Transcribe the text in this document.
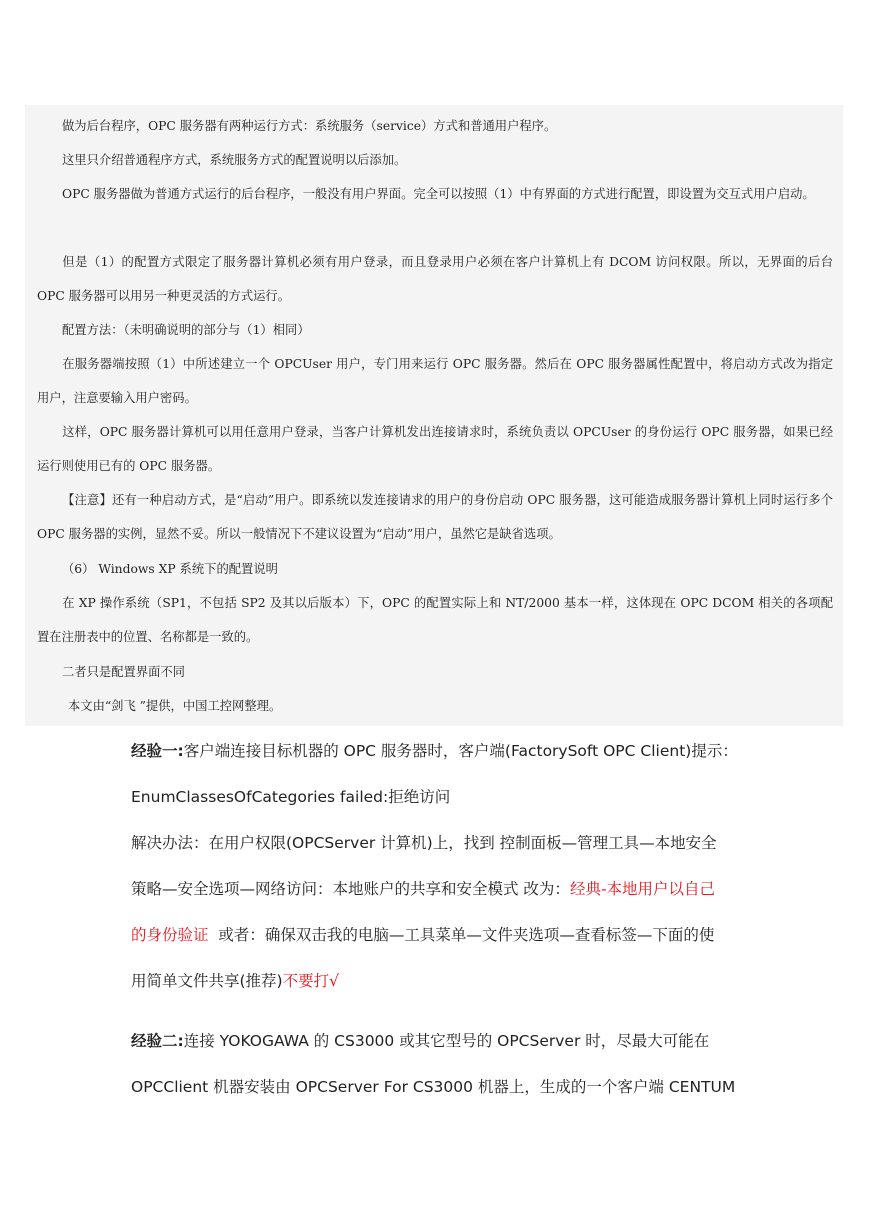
做为后台程序，OPC 服务器有两种运行方式：系统服务（service）方式和普通用户程序。
这里只介绍普通程序方式，系统服务方式的配置说明以后添加。
OPC 服务器做为普通方式运行的后台程序，一般没有用户界面。完全可以按照（1）中有界面的方式进行配置，即设置为交互式用户启动。
但是（1）的配置方式限定了服务器计算机必须有用户登录，而且登录用户必须在客户计算机上有 DCOM 访问权限。所以，无界面的后台 OPC 服务器可以用另一种更灵活的方式运行。
配置方法：（未明确说明的部分与（1）相同）
在服务器端按照（1）中所述建立一个 OPCUser 用户，专门用来运行 OPC 服务器。然后在 OPC 服务器属性配置中，将启动方式改为指定用户，注意要输入用户密码。
这样，OPC 服务器计算机可以用任意用户登录，当客户计算机发出连接请求时，系统负责以 OPCUser 的身份运行 OPC 服务器，如果已经运行则使用已有的 OPC 服务器。
【注意】还有一种启动方式，是“启动”用户。即系统以发连接请求的用户的身份启动 OPC 服务器，这可能造成服务器计算机上同时运行多个 OPC 服务器的实例，显然不妥。所以一般情况下不建议设置为“启动”用户，虽然它是缺省选项。
（6） Windows XP 系统下的配置说明
在 XP 操作系统（SP1，不包括 SP2 及其以后版本）下，OPC 的配置实际上和 NT/2000 基本一样，这体现在 OPC DCOM 相关的各项配置在注册表中的位置、名称都是一致的。
二者只是配置界面不同
本文由“剑飞 ”提供，中国工控网整理。
经验一:客户端连接目标机器的 OPC 服务器时，客户端(FactorySoft OPC Client)提示：
EnumClassesOfCategories failed:拒绝访问
解决办法：在用户权限(OPCServer 计算机)上，找到 控制面板—管理工具—本地安全
策略—安全选项—网络访问：本地账户的共享和安全模式 改为：经典-本地用户以自己
的身份验证  或者：确保双击我的电脑—工具菜单—文件夹选项—查看标签—下面的使
用简单文件共享(推荐)不要打√
经验二:连接 YOKOGAWA 的 CS3000 或其它型号的 OPCServer 时，尽最大可能在
OPCClient 机器安装由 OPCServer For CS3000 机器上，生成的一个客户端 CENTUM
